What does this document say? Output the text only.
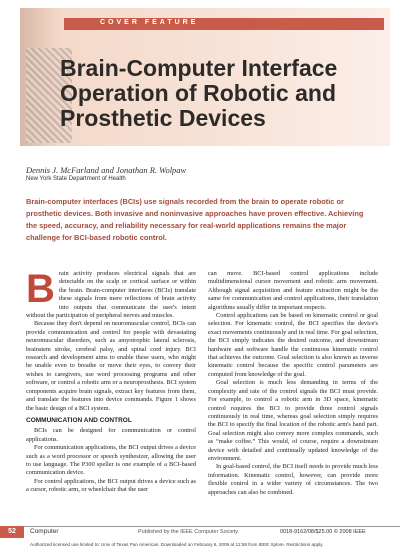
COVER FEATURE
Brain-Computer Interface
Operation of Robotic and
Prosthetic Devices
Dennis J. McFarland and Jonathan R. Wolpaw
New York State Department of Health
Brain-computer interfaces (BCIs) use signals recorded from the brain to operate robotic or prosthetic devices. Both invasive and noninvasive approaches have proven effective. Achieving the speed, accuracy, and reliability necessary for real-world applications remains the major challenge for BCI-based robotic control.

Brain activity produces electrical signals that are detectable on the scalp or cortical surface or within the brain. Brain-computer interfaces (BCIs) translate these signals from mere reflections of brain activity into outputs that communicate the user's intent without the participation of peripheral nerves and muscles.

Because they don't depend on neuromuscular control, BCIs can provide communication and control for people with devastating neuromuscular disorders, such as amyotrophic lateral sclerosis, brainstem stroke, cerebral palsy, and spinal cord injury. BCI research and development aims to enable these users, who might be unable even to breathe or move their eyes, to convey their wishes to caregivers, use word processing programs and other software, or control a robotic arm or a neuroprosthesis. BCI system components acquire brain signals, extract key features from them, and translate the features into device commands. Figure 1 shows the basic design of a BCI system.

COMMUNICATION AND CONTROL

BCIs can be designed for communication or control applications.

For communication applications, the BCI output drives a device such as a word processor or speech synthesizer, allowing the user to use language. The P300 speller is one example of a BCI-based communication device.

For control applications, the BCI output drives a device such as a cursor, robotic arm, or wheelchair that the user

can move. BCI-based control applications include multidimensional cursor movement and robotic arm movement. Although signal acquisition and feature extraction might be the same for communication and control applications, their translation algorithms usually differ in important respects.

Control applications can be based on kinematic control or goal selection. For kinematic control, the BCI specifies the device's exact movements continuously and in real time. For goal selection, the BCI simply indicates the desired outcome, and downstream hardware and software handle the continuous kinematic control that achieves the outcome. Goal selection is also known as inverse kinematic control because the specific control parameters are computed from knowledge of the goal.

Goal selection is much less demanding in terms of the complexity and rate of the control signals the BCI must provide. For example, to control a robotic arm in 3D space, kinematic control requires the BCI to provide three control signals continuously in real time, whereas goal selection simply requires the BCI to specify the final location of the robotic arm's hand part. Goal selection might also convey more complex commands, such as “make coffee.” This would, of course, require a downstream device with detailed and continually updated knowledge of the environment.

In goal-based control, the BCI itself needs to provide much less information. Kinematic control, however, can provide more flexible control in a wider variety of circumstances. The two approaches can also be combined.

52	Computer	Published by the IEEE Computer Society	0018-9162/08/$25.00 © 2008 IEEE
Authorized licensed use limited to: Univ of Texas Pan American. Downloaded on February 6, 2009 at 12:58 from IEEE Xplore. Restrictions apply.
